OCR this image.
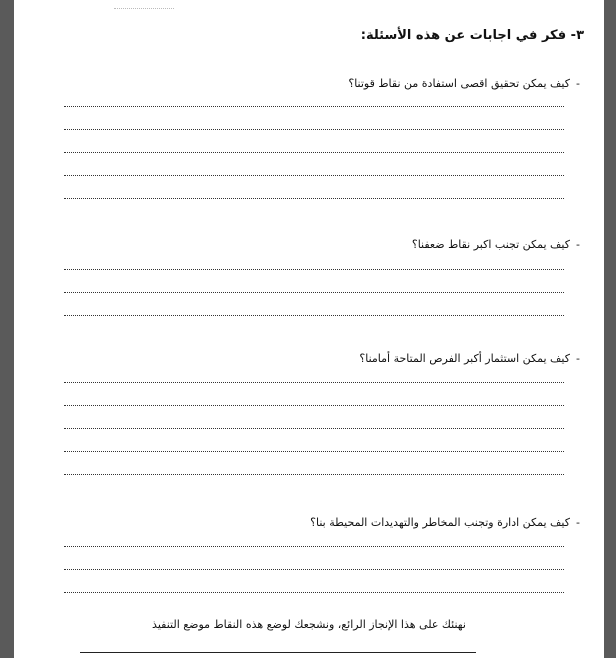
٣- فكر في اجابات عن هذه الأسئلة:
-
كيف يمكن تحقيق اقصى استفادة من نقاط قوتنا؟
-
كيف يمكن تجنب اكبر نقاط ضعفنا؟
-
كيف يمكن استثمار أكبر الفرص المتاحة أمامنا؟
-
كيف يمكن ادارة وتجنب المخاطر والتهديدات المحيطة بنا؟
نهنئك على هذا الإنجاز الرائع، ونشجعك لوضع هذه النقاط موضع التنفيذ
